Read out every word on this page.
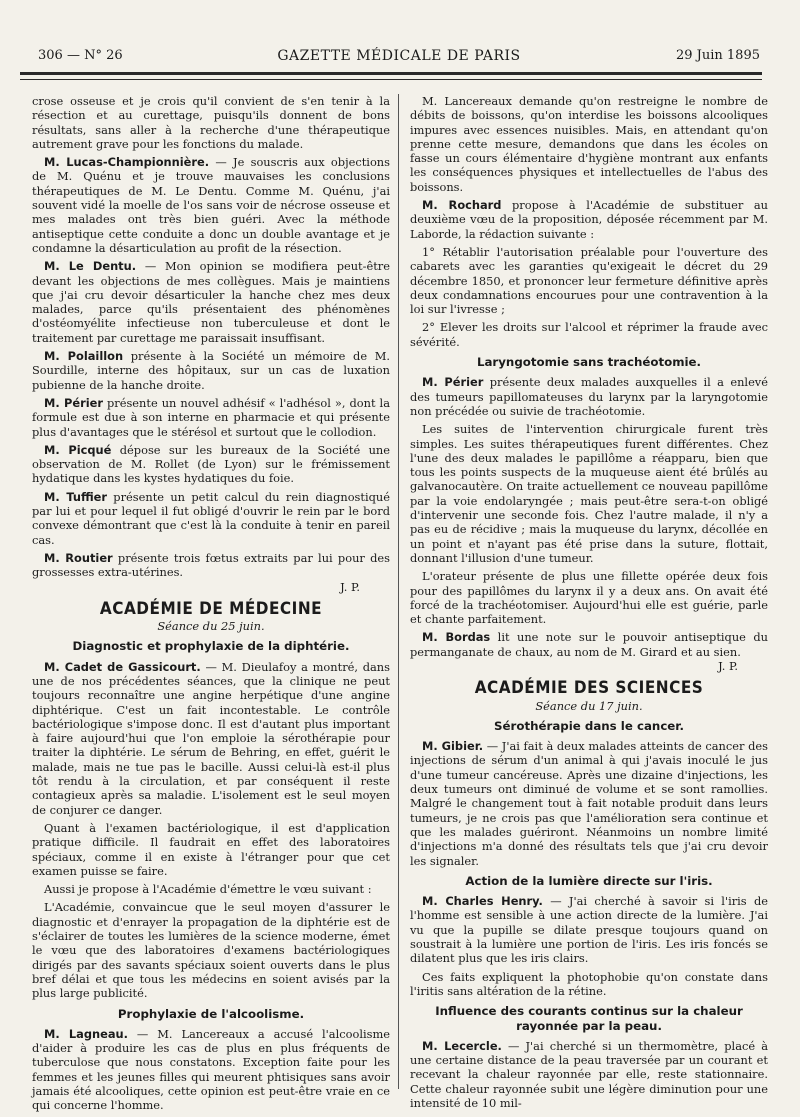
306 — N° 26	GAZETTE MÉDICALE DE PARIS	29 Juin 1895

crose osseuse et je crois qu'il convient de s'en tenir à la résection et au curettage, puisqu'ils donnent de bons résultats, sans aller à la recherche d'une thérapeutique autrement grave pour les fonctions du malade.

M. Lucas-Championnière. — Je souscris aux objections de M. Quénu et je trouve mauvaises les conclusions thérapeutiques de M. Le Dentu. Comme M. Quénu, j'ai souvent vidé la moelle de l'os sans voir de nécrose osseuse et mes malades ont très bien guéri. Avec la méthode antiseptique cette conduite a donc un double avantage et je condamne la désarticulation au profit de la résection.

M. Le Dentu. — Mon opinion se modifiera peut-être devant les objections de mes collègues. Mais je maintiens que j'ai cru devoir désarticuler la hanche chez mes deux malades, parce qu'ils présentaient des phénomènes d'ostéomyélite infectieuse non tuberculeuse et dont le traitement par curettage me paraissait insuffisant.

M. Polaillon présente à la Société un mémoire de M. Sourdille, interne des hôpitaux, sur un cas de luxation pubienne de la hanche droite.

M. Périer présente un nouvel adhésif « l'adhésol », dont la formule est due à son interne en pharmacie et qui présente plus d'avantages que le stérésol et surtout que le collodion.

M. Picqué dépose sur les bureaux de la Société une observation de M. Rollet (de Lyon) sur le frémissement hydatique dans les kystes hydatiques du foie.

M. Tuffier présente un petit calcul du rein diagnostiqué par lui et pour lequel il fut obligé d'ouvrir le rein par le bord convexe démontrant que c'est là la conduite à tenir en pareil cas.

M. Routier présente trois fœtus extraits par lui pour des grossesses extra-utérines.
J. P.

ACADÉMIE DE MÉDECINE
Séance du 25 juin.
Diagnostic et prophylaxie de la diphtérie.

M. Cadet de Gassicourt. — M. Dieulafoy a montré, dans une de nos précédentes séances, que la clinique ne peut toujours reconnaître une angine herpétique d'une angine diphtérique. C'est un fait incontestable. Le contrôle bactériologique s'impose donc. Il est d'autant plus important à faire aujourd'hui que l'on emploie la sérothérapie pour traiter la diphtérie. Le sérum de Behring, en effet, guérit le malade, mais ne tue pas le bacille. Aussi celui-là est-il plus tôt rendu à la circulation, et par conséquent il reste contagieux après sa maladie. L'isolement est le seul moyen de conjurer ce danger.

Quant à l'examen bactériologique, il est d'application pratique difficile. Il faudrait en effet des laboratoires spéciaux, comme il en existe à l'étranger pour que cet examen puisse se faire.

Aussi je propose à l'Académie d'émettre le vœu suivant :

L'Académie, convaincue que le seul moyen d'assurer le diagnostic et d'enrayer la propagation de la diphtérie est de s'éclairer de toutes les lumières de la science moderne, émet le vœu que des laboratoires d'examens bactériologiques dirigés par des savants spéciaux soient ouverts dans le plus bref délai et que tous les médecins en soient avisés par la plus large publicité.

Prophylaxie de l'alcoolisme.

M. Lagneau. — M. Lancereaux a accusé l'alcoolisme d'aider à produire les cas de plus en plus fréquents de tuberculose que nous constatons. Exception faite pour les femmes et les jeunes filles qui meurent phtisiques sans avoir jamais été alcooliques, cette opinion est peut-être vraie en ce qui concerne l'homme.

M. Lancereaux demande qu'on restreigne le nombre de débits de boissons, qu'on interdise les boissons alcooliques impures avec essences nuisibles. Mais, en attendant qu'on prenne cette mesure, demandons que dans les écoles on fasse un cours élémentaire d'hygiène montrant aux enfants les conséquences physiques et intellectuelles de l'abus des boissons.

M. Rochard propose à l'Académie de substituer au deuxième vœu de la proposition, déposée récemment par M. Laborde, la rédaction suivante :

1° Rétablir l'autorisation préalable pour l'ouverture des cabarets avec les garanties qu'exigeait le décret du 29 décembre 1850, et prononcer leur fermeture définitive après deux condamnations encourues pour une contravention à la loi sur l'ivresse ;

2° Elever les droits sur l'alcool et réprimer la fraude avec sévérité.

Laryngotomie sans trachéotomie.

M. Périer présente deux malades auxquelles il a enlevé des tumeurs papillomateuses du larynx par la laryngotomie non précédée ou suivie de trachéotomie.

Les suites de l'intervention chirurgicale furent très simples. Les suites thérapeutiques furent différentes. Chez l'une des deux malades le papillôme a réapparu, bien que tous les points suspects de la muqueuse aient été brûlés au galvanocautère. On traite actuellement ce nouveau papillôme par la voie endolaryngée ; mais peut-être sera-t-on obligé d'intervenir une seconde fois. Chez l'autre malade, il n'y a pas eu de récidive ; mais la muqueuse du larynx, décollée en un point et n'ayant pas été prise dans la suture, flottait, donnant l'illusion d'une tumeur.

L'orateur présente de plus une fillette opérée deux fois pour des papillômes du larynx il y a deux ans. On avait été forcé de la trachéotomiser. Aujourd'hui elle est guérie, parle et chante parfaitement.

M. Bordas lit une note sur le pouvoir antiseptique du permanganate de chaux, au nom de M. Girard et au sien.
J. P.

ACADÉMIE DES SCIENCES
Séance du 17 juin.
Sérothérapie dans le cancer.

M. Gibier. — J'ai fait à deux malades atteints de cancer des injections de sérum d'un animal à qui j'avais inoculé le jus d'une tumeur cancéreuse. Après une dizaine d'injections, les deux tumeurs ont diminué de volume et se sont ramollies. Malgré le changement tout à fait notable produit dans leurs tumeurs, je ne crois pas que l'amélioration sera continue et que les malades guériront. Néanmoins un nombre limité d'injections m'a donné des résultats tels que j'ai cru devoir les signaler.

Action de la lumière directe sur l'iris.

M. Charles Henry. — J'ai cherché à savoir si l'iris de l'homme est sensible à une action directe de la lumière. J'ai vu que la pupille se dilate presque toujours quand on soustrait à la lumière une portion de l'iris. Les iris foncés se dilatent plus que les iris clairs.

Ces faits expliquent la photophobie qu'on constate dans l'iritis sans altération de la rétine.

Influence des courants continus sur la chaleur rayonnée par la peau.

M. Lecercle. — J'ai cherché si un thermomètre, placé à une certaine distance de la peau traversée par un courant et recevant la chaleur rayonnée par elle, reste stationnaire. Cette chaleur rayonnée subit une légère diminution pour une intensité de 10 mil-
